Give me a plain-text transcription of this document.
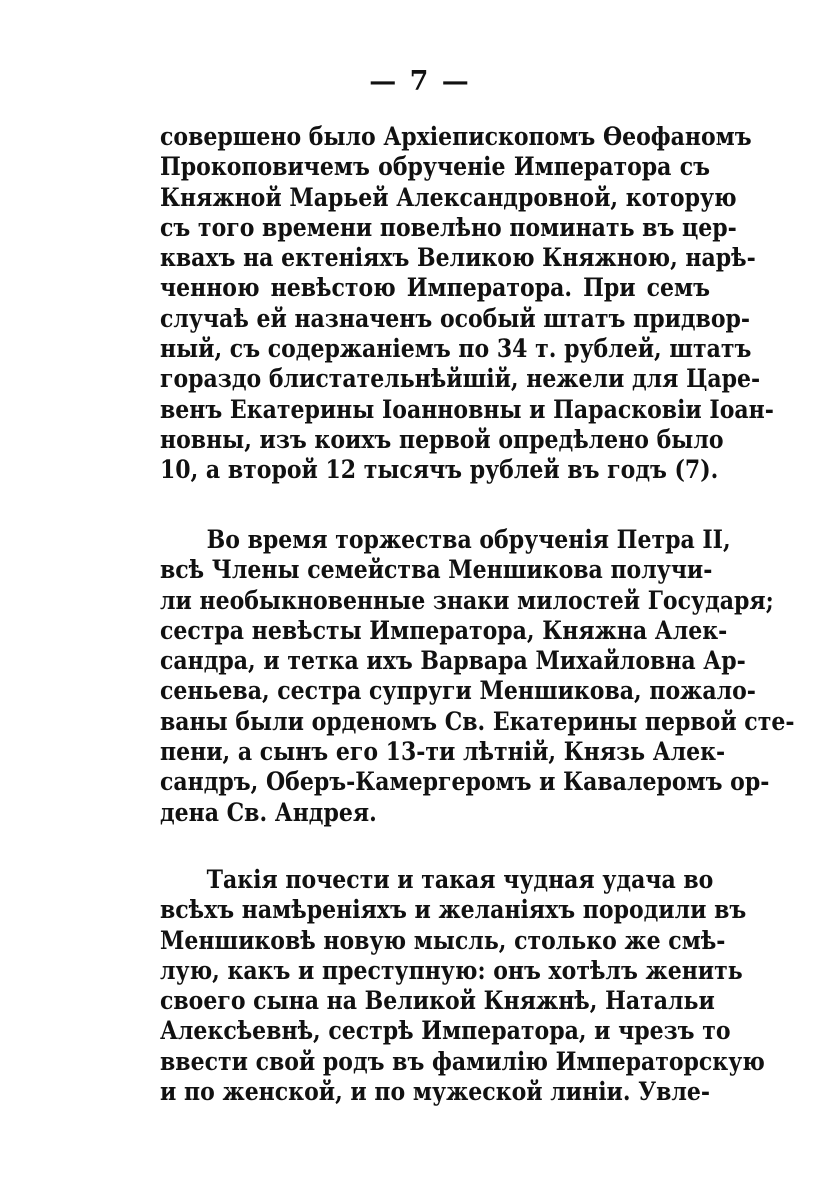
— 7 —
совершено было Архіепископомъ Ѳеофаномъ
Прокоповичемъ обрученіе Императора съ
Княжной Марьей Александровной, которую
съ того времени повелѣно поминать въ цер-
квахъ на ектеніяхъ Великою Княжною, нарѣ-
ченною невѣстою Императора. При семъ
случаѣ ей назначенъ особый штатъ придвор-
ный, съ содержаніемъ по 34 т. рублей, штатъ
гораздо блистательнѣйшій, нежели для Царе-
венъ Екатерины Іоанновны и Парасковіи Іоан-
новны, изъ коихъ первой опредѣлено было
10, а второй 12 тысячъ рублей въ годъ (7).
Во время торжества обрученія Петра II,
всѣ Члены семейства Меншикова получи-
ли необыкновенные знаки милостей Государя;
сестра невѣсты Императора, Княжна Алек-
сандра, и тетка ихъ Варвара Михайловна Ар-
сеньева, сестра супруги Меншикова, пожало-
ваны были орденомъ Св. Екатерины первой сте-
пени, а сынъ его 13-ти лѣтній, Князь Алек-
сандръ, Оберъ-Камергеромъ и Кавалеромъ ор-
дена Св. Андрея.
Такія почести и такая чудная удача во
всѣхъ намѣреніяхъ и желаніяхъ породили въ
Меншиковѣ новую мысль, столько же смѣ-
лую, какъ и преступную: онъ хотѣлъ женить
своего сына на Великой Княжнѣ, Натальи
Алексѣевнѣ, сестрѣ Императора, и чрезъ то
ввести свой родъ въ фамилію Императорскую
и по женской, и по мужеской линіи. Увле-
